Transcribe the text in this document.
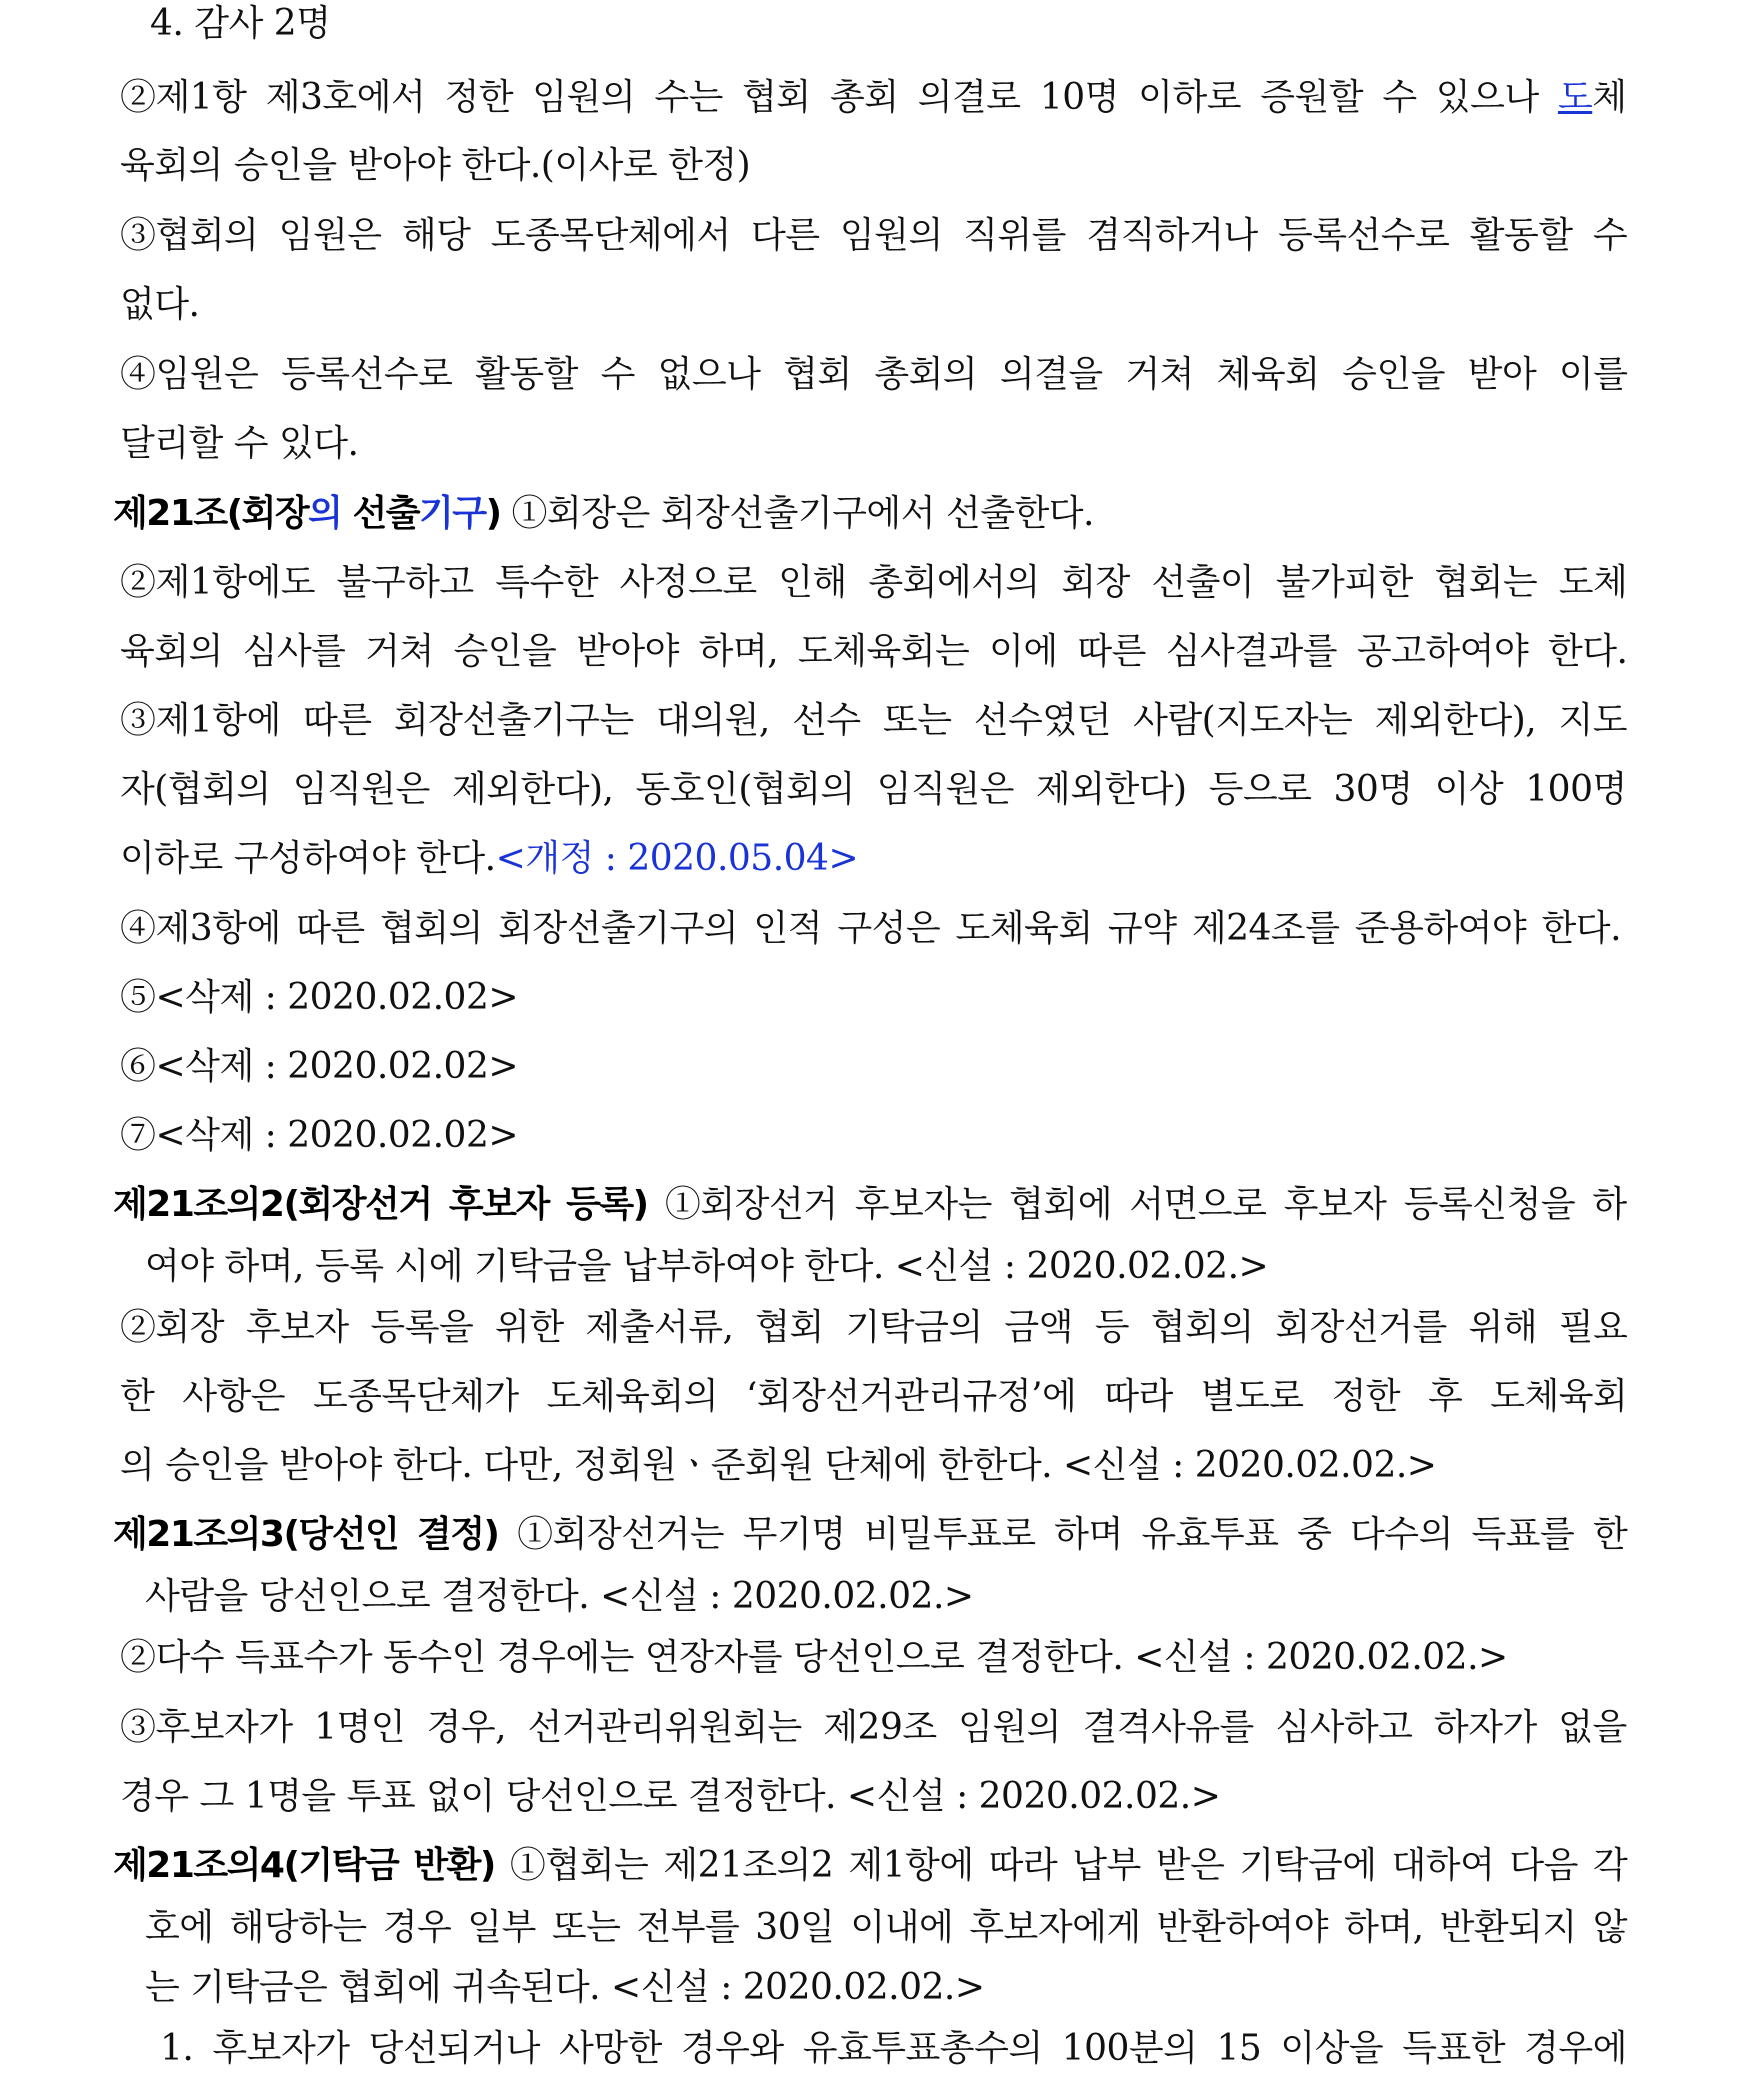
4. 감사 2명
②제1항 제3호에서 정한 임원의 수는 협회 총회 의결로 10명 이하로 증원할 수 있으나 도체
육회의 승인을 받아야 한다.(이사로 한정)
③협회의 임원은 해당 도종목단체에서 다른 임원의 직위를 겸직하거나 등록선수로 활동할 수
없다.
④임원은 등록선수로 활동할 수 없으나 협회 총회의 의결을 거쳐 체육회 승인을 받아 이를
달리할 수 있다.
제21조(회장의 선출기구) ①회장은 회장선출기구에서 선출한다.
②제1항에도 불구하고 특수한 사정으로 인해 총회에서의 회장 선출이 불가피한 협회는 도체
육회의 심사를 거쳐 승인을 받아야 하며, 도체육회는 이에 따른 심사결과를 공고하여야 한다.
③제1항에 따른 회장선출기구는 대의원, 선수 또는 선수였던 사람(지도자는 제외한다), 지도
자(협회의 임직원은 제외한다), 동호인(협회의 임직원은 제외한다) 등으로 30명 이상 100명
이하로 구성하여야 한다.<개정 : 2020.05.04>
④제3항에 따른 협회의 회장선출기구의 인적 구성은 도체육회 규약 제24조를 준용하여야 한다.
⑤<삭제 : 2020.02.02>
⑥<삭제 : 2020.02.02>
⑦<삭제 : 2020.02.02>
제21조의2(회장선거 후보자 등록) ①회장선거 후보자는 협회에 서면으로 후보자 등록신청을 하
여야 하며, 등록 시에 기탁금을 납부하여야 한다. <신설 : 2020.02.02.>
②회장 후보자 등록을 위한 제출서류, 협회 기탁금의 금액 등 협회의 회장선거를 위해 필요
한 사항은 도종목단체가 도체육회의 ‘회장선거관리규정’에 따라 별도로 정한 후 도체육회
의 승인을 받아야 한다. 다만, 정회원ㆍ준회원 단체에 한한다. <신설 : 2020.02.02.>
제21조의3(당선인 결정) ①회장선거는 무기명 비밀투표로 하며 유효투표 중 다수의 득표를 한
사람을 당선인으로 결정한다. <신설 : 2020.02.02.>
②다수 득표수가 동수인 경우에는 연장자를 당선인으로 결정한다. <신설 : 2020.02.02.>
③후보자가 1명인 경우, 선거관리위원회는 제29조 임원의 결격사유를 심사하고 하자가 없을
경우 그 1명을 투표 없이 당선인으로 결정한다. <신설 : 2020.02.02.>
제21조의4(기탁금 반환) ①협회는 제21조의2 제1항에 따라 납부 받은 기탁금에 대하여 다음 각
호에 해당하는 경우 일부 또는 전부를 30일 이내에 후보자에게 반환하여야 하며, 반환되지 않
는 기탁금은 협회에 귀속된다. <신설 : 2020.02.02.>
1. 후보자가 당선되거나 사망한 경우와 유효투표총수의 100분의 15 이상을 득표한 경우에
